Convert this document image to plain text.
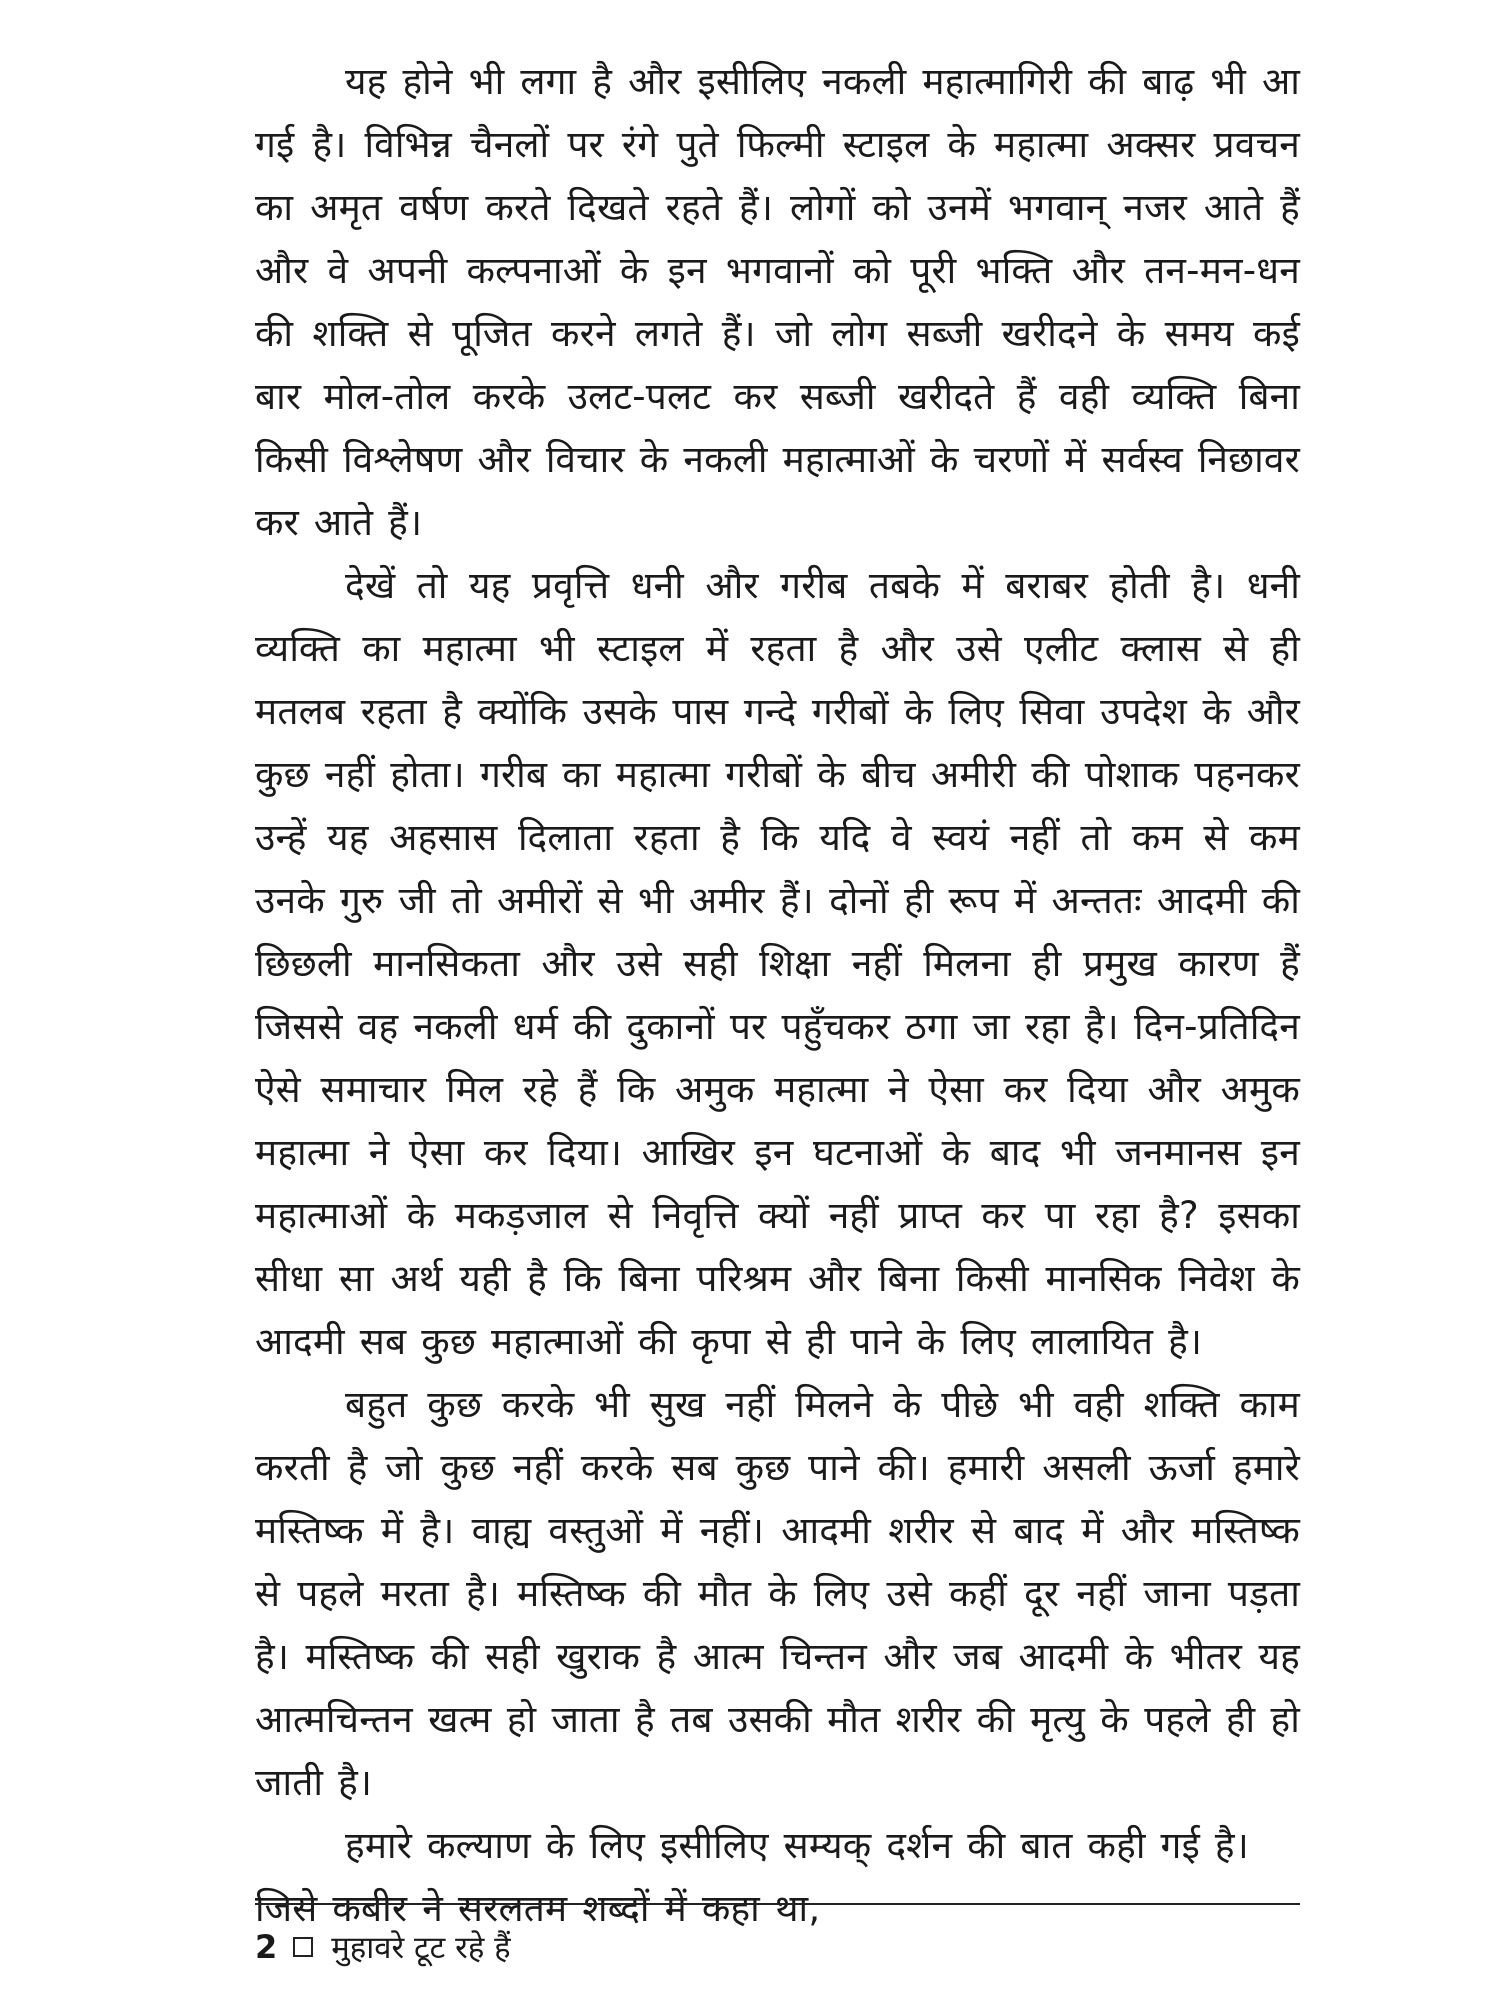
यह होने भी लगा है और इसीलिए नकली महात्मागिरी की बाढ़ भी आ गई है। विभिन्न चैनलों पर रंगे पुते फिल्मी स्टाइल के महात्मा अक्सर प्रवचन का अमृत वर्षण करते दिखते रहते हैं। लोगों को उनमें भगवान् नजर आते हैं और वे अपनी कल्पनाओं के इन भगवानों को पूरी भक्ति और तन-मन-धन की शक्ति से पूजित करने लगते हैं। जो लोग सब्जी खरीदने के समय कई बार मोल-तोल करके उलट-पलट कर सब्जी खरीदते हैं वही व्यक्ति बिना किसी विश्लेषण और विचार के नकली महात्माओं के चरणों में सर्वस्व निछावर कर आते हैं।

देखें तो यह प्रवृत्ति धनी और गरीब तबके में बराबर होती है। धनी व्यक्ति का महात्मा भी स्टाइल में रहता है और उसे एलीट क्लास से ही मतलब रहता है क्योंकि उसके पास गन्दे गरीबों के लिए सिवा उपदेश के और कुछ नहीं होता। गरीब का महात्मा गरीबों के बीच अमीरी की पोशाक पहनकर उन्हें यह अहसास दिलाता रहता है कि यदि वे स्वयं नहीं तो कम से कम उनके गुरु जी तो अमीरों से भी अमीर हैं। दोनों ही रूप में अन्ततः आदमी की छिछली मानसिकता और उसे सही शिक्षा नहीं मिलना ही प्रमुख कारण हैं जिससे वह नकली धर्म की दुकानों पर पहुँचकर ठगा जा रहा है। दिन-प्रतिदिन ऐसे समाचार मिल रहे हैं कि अमुक महात्मा ने ऐसा कर दिया और अमुक महात्मा ने ऐसा कर दिया। आखिर इन घटनाओं के बाद भी जनमानस इन महात्माओं के मकड़जाल से निवृत्ति क्यों नहीं प्राप्त कर पा रहा है? इसका सीधा सा अर्थ यही है कि बिना परिश्रम और बिना किसी मानसिक निवेश के आदमी सब कुछ महात्माओं की कृपा से ही पाने के लिए लालायित है।

बहुत कुछ करके भी सुख नहीं मिलने के पीछे भी वही शक्ति काम करती है जो कुछ नहीं करके सब कुछ पाने की। हमारी असली ऊर्जा हमारे मस्तिष्क में है। वाह्य वस्तुओं में नहीं। आदमी शरीर से बाद में और मस्तिष्क से पहले मरता है। मस्तिष्क की मौत के लिए उसे कहीं दूर नहीं जाना पड़ता है। मस्तिष्क की सही खुराक है आत्म चिन्तन और जब आदमी के भीतर यह आत्मचिन्तन खत्म हो जाता है तब उसकी मौत शरीर की मृत्यु के पहले ही हो जाती है।

हमारे कल्याण के लिए इसीलिए सम्यक् दर्शन की बात कही गई है। जिसे कबीर ने सरलतम शब्दों में कहा था,

2 मुहावरे टूट रहे हैं
